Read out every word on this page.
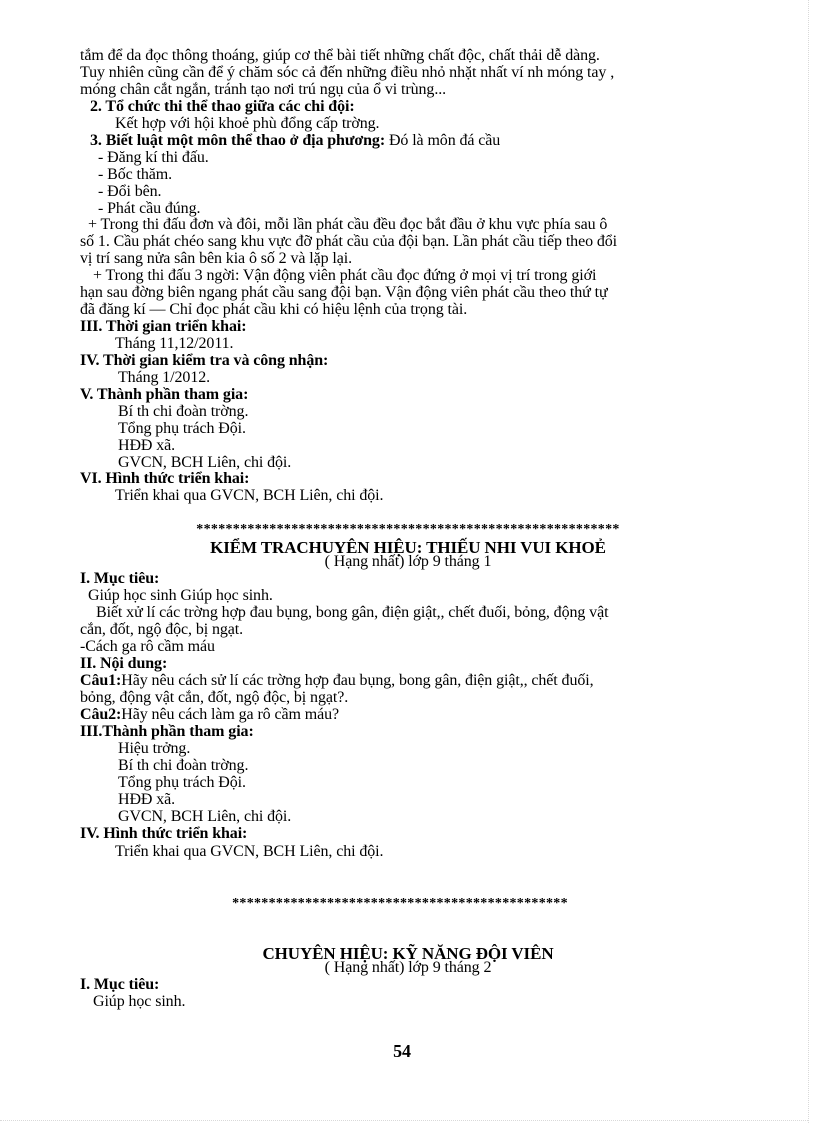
tắm để da đọc thông thoáng, giúp cơ thể bài tiết những chất độc, chất thải dễ dàng.
Tuy nhiên cũng cần để ý chăm sóc cả đến những điều nhỏ nhặt nhất ví nh móng tay ,
móng chân cắt ngắn, tránh tạo nơi trú ngụ của ổ vi trùng...
2. Tổ chức thi thể thao giữa các chi đội:
Kết hợp với hội khoẻ phù đổng cấp trờng.
3. Biết luật một môn thể thao ở địa phương: Đó là môn đá cầu
- Đăng kí thi đấu.
- Bốc thăm.
- Đổi bên.
- Phát cầu đúng.
+ Trong thi đấu đơn và đôi, mỗi lần phát cầu đều đọc bắt đầu ở khu vực phía sau ô
số 1. Cầu phát chéo sang khu vực đỡ phát cầu của đội bạn. Lần phát cầu tiếp theo đổi
vị trí sang nửa sân bên kia ô số 2 và lặp lại.
+ Trong thi đấu 3 ngời: Vận động viên phát cầu đọc đứng ở mọi vị trí trong giới
hạn sau đờng biên ngang phát cầu sang đội bạn. Vận động viên phát cầu theo thứ tự
đã đăng kí — Chỉ đọc phát cầu khi có hiệu lệnh của trọng tài.
III. Thời gian triển khai:
Tháng 11,12/2011.
IV. Thời gian kiểm tra và công nhận:
Tháng 1/2012.
V. Thành phần tham gia:
Bí th chi đoàn trờng.
Tổng phụ trách Đội.
HĐĐ xã.
GVCN, BCH Liên, chi đội.
VI. Hình thức triển khai:
Triển khai qua GVCN, BCH Liên, chi đội.
**********************************************************
KIỂM TRACHUYÊN HIỆU: THIẾU NHI VUI KHOẺ
( Hạng nhất) lớp 9 tháng 1
I. Mục tiêu:
Giúp học sinh Giúp học sinh.
Biết xử lí các trờng hợp đau bụng, bong gân, điện giật,, chết đuối, bỏng, động vật
cắn, đốt, ngộ độc, bị ngạt.
-Cách ga rô cầm máu
II. Nội dung:
Câu1:Hãy nêu cách sử lí các trờng hợp đau bụng, bong gân, điện giật,, chết đuối,
bỏng, động vật cắn, đốt, ngộ độc, bị ngạt?.
Câu2:Hãy nêu cách làm ga rô cầm máu?
III.Thành phần tham gia:
Hiệu trởng.
Bí th chi đoàn trờng.
Tổng phụ trách Đội.
HĐĐ xã.
GVCN, BCH Liên, chi đội.
IV. Hình thức triển khai:
Triển khai qua GVCN, BCH Liên, chi đội.
**********************************************
CHUYÊN HIỆU: KỸ NĂNG ĐỘI VIÊN
( Hạng nhất) lớp 9 tháng 2
I. Mục tiêu:
Giúp học sinh.
54
